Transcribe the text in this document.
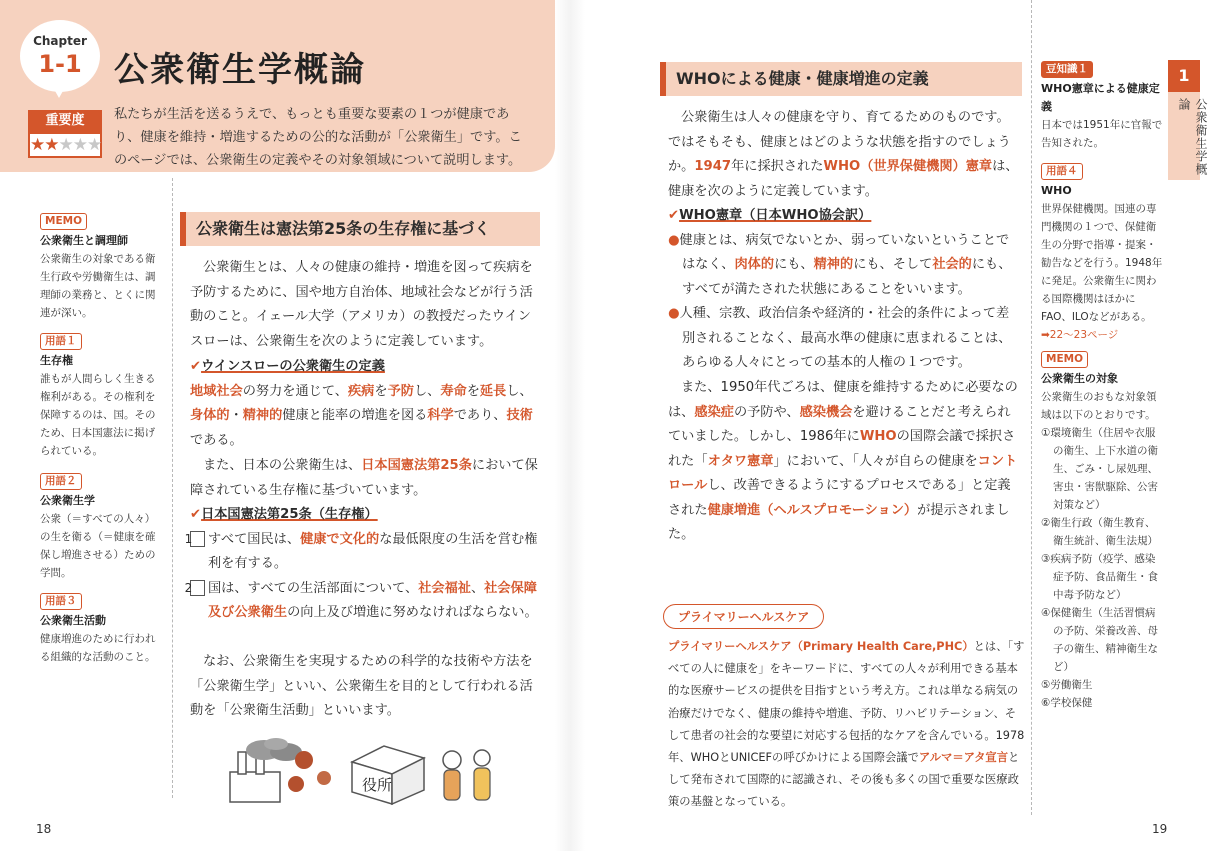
Chapter
1-1 公衆衛生学概論
重要度
★★★★★
私たちが生活を送るうえで、もっとも重要な要素の１つが健康であり、健康を維持・増進するための公的な活動が「公衆衛生」です。このページでは、公衆衛生の定義やその対象領域について説明します。
MEMO
公衆衛生と調理師
公衆衛生の対象である衛生行政や労働衛生は、調理師の業務と、とくに関連が深い。
用語１
生存権
誰もが人間らしく生きる権利がある。その権利を保障するのは、国。そのため、日本国憲法に掲げられている。
用語２
公衆衛生学
公衆（＝すべての人々）の生を衛る（＝健康を確保し増進させる）ための学問。
用語３
公衆衛生活動
健康増進のために行われる組織的な活動のこと。
公衆衛生は憲法第25条の生存権に基づく
公衆衛生とは、人々の健康の維持・増進を図って疾病を予防するために、国や地方自治体、地域社会などが行う活動のこと。イェール大学（アメリカ）の教授だったウインスローは、公衆衛生を次のように定義しています。
✔ウインスローの公衆衛生の定義
地域社会の努力を通じて、疾病を予防し、寿命を延長し、身体的・精神的健康と能率の増進を図る科学であり、技術である。
また、日本の公衆衛生は、日本国憲法第25条において保障されている生存権に基づいています。
✔日本国憲法第25条（生存権）
1 すべて国民は、健康で文化的な最低限度の生活を営む権利を有する。
2 国は、すべての生活部面について、社会福祉、社会保障及び公衆衛生の向上及び増進に努めなければならない。
なお、公衆衛生を実現するための科学的な技術や方法を「公衆衛生学」といい、公衆衛生を目的として行われる活動を「公衆衛生活動」といいます。
役所
18
WHOによる健康・健康増進の定義
公衆衛生は人々の健康を守り、育てるためのものです。ではそもそも、健康とはどのような状態を指すのでしょうか。1947年に採択されたWHO（世界保健機関）憲章は、健康を次のように定義しています。
✔WHO憲章（日本WHO協会訳）
●健康とは、病気でないとか、弱っていないということではなく、肉体的にも、精神的にも、そして社会的にも、すべてが満たされた状態にあることをいいます。
●人種、宗教、政治信条や経済的・社会的条件によって差別されることなく、最高水準の健康に恵まれることは、あらゆる人々にとっての基本的人権の１つです。
また、1950年代ごろは、健康を維持するために必要なのは、感染症の予防や、感染機会を避けることだと考えられていました。しかし、1986年にWHOの国際会議で採択された「オタワ憲章」において、「人々が自らの健康をコントロールし、改善できるようにするプロセスである」と定義された健康増進（ヘルスプロモーション）が提示されました。
プライマリーヘルスケア
プライマリーヘルスケア（Primary Health Care,PHC）とは、「すべての人に健康を」をキーワードに、すべての人々が利用できる基本的な医療サービスの提供を目指すという考え方。これは単なる病気の治療だけでなく、健康の維持や増進、予防、リハビリテーション、そして患者の社会的な要望に対応する包括的なケアを含んでいる。1978年、WHOとUNICEFの呼びかけによる国際会議でアルマ＝アタ宣言として発布されて国際的に認識され、その後も多くの国で重要な医療政策の基盤となっている。
豆知識１
WHO憲章による健康定義
日本では1951年に官報で告知された。
用語４
WHO
世界保健機関。国連の専門機関の１つで、保健衛生の分野で指導・提案・勧告などを行う。1948年に発足。公衆衛生に関わる国際機関はほかにFAO、ILOなどがある。
➡22〜23ページ
MEMO
公衆衛生の対象
公衆衛生のおもな対象領域は以下のとおりです。
①環境衛生（住居や衣服の衛生、上下水道の衛生、ごみ・し尿処理、害虫・害獣駆除、公害対策など）
②衛生行政（衛生教育、衛生統計、衛生法規）
③疾病予防（疫学、感染症予防、食品衛生・食中毒予防など）
④保健衛生（生活習慣病の予防、栄養改善、母子の衛生、精神衛生など）
⑤労働衛生
⑥学校保健
1
公衆衛生学概論
19
